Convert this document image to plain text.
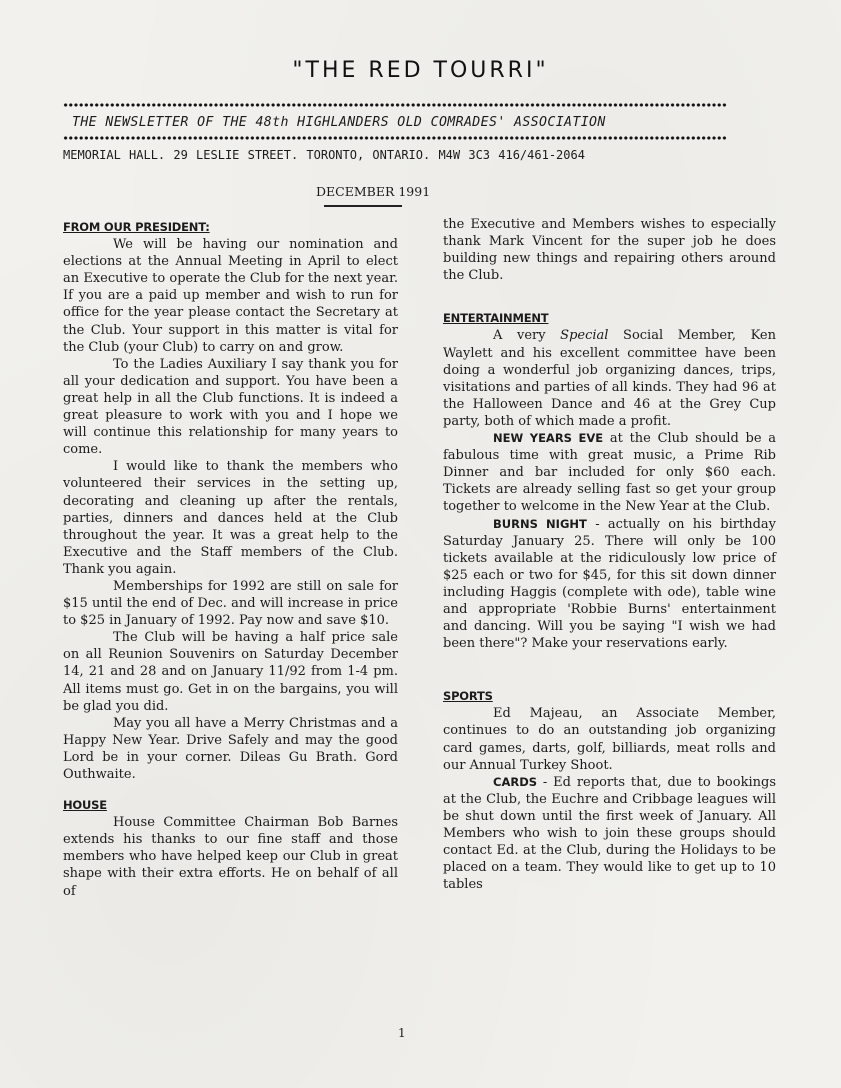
"THE RED TOURRI"
THE NEWSLETTER OF THE 48th HIGHLANDERS OLD COMRADES' ASSOCIATION
MEMORIAL HALL. 29 LESLIE STREET. TORONTO, ONTARIO. M4W 3C3 416/461-2064
DECEMBER 1991

FROM OUR PRESIDENT:

We will be having our nomination and elections at the Annual Meeting in April to elect an Executive to operate the Club for the next year. If you are a paid up member and wish to run for office for the year please contact the Secretary at the Club. Your support in this matter is vital for the Club (your Club) to carry on and grow.

To the Ladies Auxiliary I say thank you for all your dedication and support. You have been a great help in all the Club functions. It is indeed a great pleasure to work with you and I hope we will continue this relationship for many years to come.

I would like to thank the members who volunteered their services in the setting up, decorating and cleaning up after the rentals, parties, dinners and dances held at the Club throughout the year. It was a great help to the Executive and the Staff members of the Club. Thank you again.

Memberships for 1992 are still on sale for $15 until the end of Dec. and will increase in price to $25 in January of 1992. Pay now and save $10.

The Club will be having a half price sale on all Reunion Souvenirs on Saturday December 14, 21 and 28 and on January 11/92 from 1-4 pm. All items must go. Get in on the bargains, you will be glad you did.

May you all have a Merry Christmas and a Happy New Year. Drive Safely and may the good Lord be in your corner. Dileas Gu Brath. Gord Outhwaite.

HOUSE

House Committee Chairman Bob Barnes extends his thanks to our fine staff and those members who have helped keep our Club in great shape with their extra efforts. He on behalf of all of

the Executive and Members wishes to especially thank Mark Vincent for the super job he does building new things and repairing others around the Club.

ENTERTAINMENT

A very Special Social Member, Ken Waylett and his excellent committee have been doing a wonderful job organizing dances, trips, visitations and parties of all kinds. They had 96 at the Halloween Dance and 46 at the Grey Cup party, both of which made a profit.

NEW YEARS EVE at the Club should be a fabulous time with great music, a Prime Rib Dinner and bar included for only $60 each. Tickets are already selling fast so get your group together to welcome in the New Year at the Club.

BURNS NIGHT - actually on his birthday Saturday January 25. There will only be 100 tickets available at the ridiculously low price of $25 each or two for $45, for this sit down dinner including Haggis (complete with ode), table wine and appropriate 'Robbie Burns' entertainment and dancing. Will you be saying "I wish we had been there"? Make your reservations early.

SPORTS

Ed Majeau, an Associate Member, continues to do an outstanding job organizing card games, darts, golf, billiards, meat rolls and our Annual Turkey Shoot.

CARDS - Ed reports that, due to bookings at the Club, the Euchre and Cribbage leagues will be shut down until the first week of January. All Members who wish to join these groups should contact Ed. at the Club, during the Holidays to be placed on a team. They would like to get up to 10 tables

1
